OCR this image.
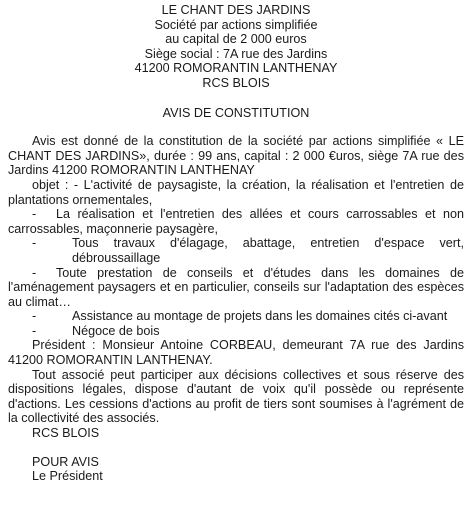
LE CHANT DES JARDINS

Société par actions simplifiée

au capital de 2 000 euros

Siège social : 7A rue des Jardins

41200 ROMORANTIN LANTHENAY

RCS BLOIS

AVIS DE CONSTITUTION

Avis est donné de la constitution de la société par actions simplifiée « LE CHANT DES JARDINS», durée : 99 ans, capital : 2 000 €uros, siège 7A rue des Jardins 41200 ROMORANTIN LANTHENAY

objet : - L'activité de paysagiste, la création, la réalisation et l'entretien de plantations ornementales,

- La réalisation et l'entretien des allées et cours carrossables et non carrossables, maçonnerie paysagère,

-	Tous travaux d'élagage, abattage, entretien d'espace vert, débroussaillage

- Toute prestation de conseils et d'études dans les domaines de l'aménagement paysagers et en particulier, conseils sur l'adaptation des espèces au climat…

-	Assistance au montage de projets dans les domaines cités ci-avant
-	Négoce de bois

Président : Monsieur Antoine CORBEAU, demeurant 7A rue des Jardins 41200 ROMORANTIN LANTHENAY.

Tout associé peut participer aux décisions collectives et sous réserve des dispositions légales, dispose d'autant de voix qu'il possède ou représente d'actions. Les cessions d'actions au profit de tiers sont soumises à l'agrément de la collectivité des associés.

RCS BLOIS

POUR AVIS

Le Président
